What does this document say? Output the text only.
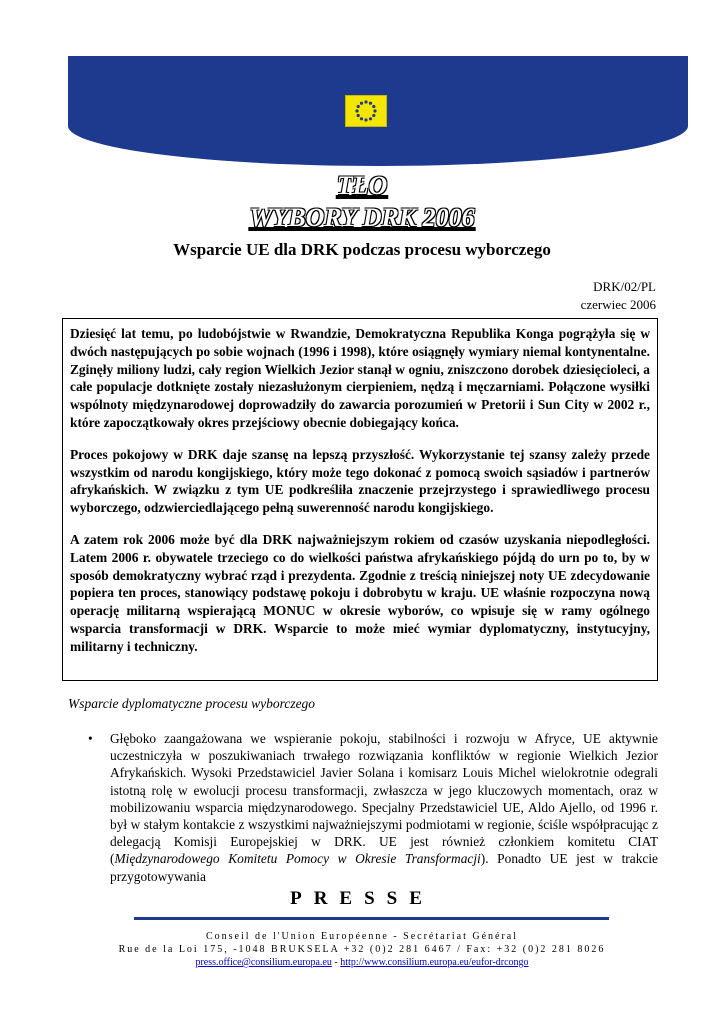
TŁO
WYBORY DRK 2006
Wsparcie UE dla DRK podczas procesu wyborczego
DRK/02/PL
czerwiec 2006

Dziesięć lat temu, po ludobójstwie w Rwandzie, Demokratyczna Republika Konga pogrążyła się w dwóch następujących po sobie wojnach (1996 i 1998), które osiągnęły wymiary niemal kontynentalne. Zginęły miliony ludzi, cały region Wielkich Jezior stanął w ogniu, zniszczono dorobek dziesięcioleci, a całe populacje dotknięte zostały niezasłużonym cierpieniem, nędzą i męczarniami. Połączone wysiłki wspólnoty międzynarodowej doprowadziły do zawarcia porozumień w Pretorii i Sun City w 2002 r., które zapoczątkowały okres przejściowy obecnie dobiegający końca.

Proces pokojowy w DRK daje szansę na lepszą przyszłość. Wykorzystanie tej szansy zależy przede wszystkim od narodu kongijskiego, który może tego dokonać z pomocą swoich sąsiadów i partnerów afrykańskich. W związku z tym UE podkreśliła znaczenie przejrzystego i sprawiedliwego procesu wyborczego, odzwierciedlającego pełną suwerenność narodu kongijskiego.

A zatem rok 2006 może być dla DRK najważniejszym rokiem od czasów uzyskania niepodległości. Latem 2006 r. obywatele trzeciego co do wielkości państwa afrykańskiego pójdą do urn po to, by w sposób demokratyczny wybrać rząd i prezydenta. Zgodnie z treścią niniejszej noty UE zdecydowanie popiera ten proces, stanowiący podstawę pokoju i dobrobytu w kraju. UE właśnie rozpoczyna nową operację militarną wspierającą MONUC w okresie wyborów, co wpisuje się w ramy ogólnego wsparcia transformacji w DRK. Wsparcie to może mieć wymiar dyplomatyczny, instytucyjny, militarny i techniczny.

Wsparcie dyplomatyczne procesu wyborczego
• Głęboko zaangażowana we wspieranie pokoju, stabilności i rozwoju w Afryce, UE aktywnie uczestniczyła w poszukiwaniach trwałego rozwiązania konfliktów w regionie Wielkich Jezior Afrykańskich. Wysoki Przedstawiciel Javier Solana i komisarz Louis Michel wielokrotnie odegrali istotną rolę w ewolucji procesu transformacji, zwłaszcza w jego kluczowych momentach, oraz w mobilizowaniu wsparcia międzynarodowego. Specjalny Przedstawiciel UE, Aldo Ajello, od 1996 r. był w stałym kontakcie z wszystkimi najważniejszymi podmiotami w regionie, ściśle współpracując z delegacją Komisji Europejskiej w DRK. UE jest również członkiem komitetu CIAT (Międzynarodowego Komitetu Pomocy w Okresie Transformacji). Ponadto UE jest w trakcie przygotowywania
PRESSE
Conseil de l'Union Européenne - Secrétariat Général
Rue de la Loi 175, -1048 BRUKSELA +32 (0)2 281 6467 / Fax: +32 (0)2 281 8026
press.office@consilium.europa.eu - http://www.consilium.europa.eu/eufor-drcongo
